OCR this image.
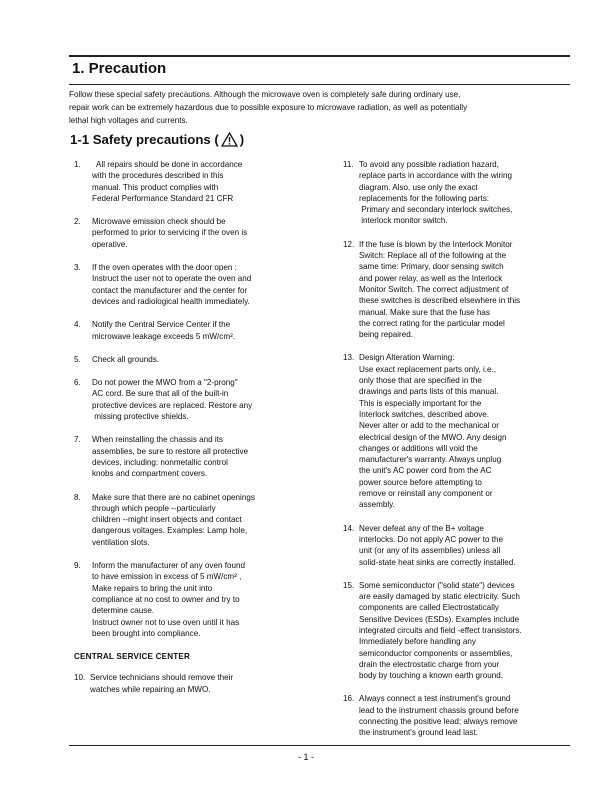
1. Precaution
Follow these special safety precautions. Although the microwave oven is completely safe during ordinary use,
repair work can be extremely hazardous due to possible exposure to microwave radiation, as well as potentially
lethal high voltages and currents.
1-1 Safety precautions ( )
1.	All repairs should be done in accordance
with the procedures described in this
manual. This product complies with
Federal Performance Standard 21 CFR
2.	Microwave emission check should be
performed to prior to servicing if the oven is
operative.
3.	If the oven operates with the door open :
Instruct the user not to operate the oven and
contact the manufacturer and the center for
devices and radiological health immediately.
4.	Notify the Central Service Center if the
microwave leakage exceeds 5 mW/cm².
5.	Check all grounds.
6.	Do not power the MWO from a "2-prong"
AC cord. Be sure that all of the built-in
protective devices are replaced. Restore any
missing protective shields.
7.	When reinstalling the chassis and its
assemblies, be sure to restore all protective
devices, including: nonmetallic control
knobs and compartment covers.
8.	Make sure that there are no cabinet openings
through which people --particularly
children --might insert objects and contact
dangerous voltages. Examples: Lamp hole,
ventilation slots.
9.	Inform the manufacturer of any oven found
to have emission in excess of 5 mW/cm² ,
Make repairs to bring the unit into
compliance at no cost to owner and try to
determine cause.
Instruct owner not to use oven until it has
been brought into compliance.
CENTRAL SERVICE CENTER
10. Service technicians should remove their
watches while repairing an MWO.
11. To avoid any possible radiation hazard,
replace parts in accordance with the wiring
diagram. Also, use only the exact
replacements for the following parts:
Primary and secondary interlock switches,
interlock monitor switch.
12. If the fuse is blown by the Interlock Monitor
Switch: Replace all of the following at the
same time: Primary, door sensing switch
and power relay, as well as the Interlock
Monitor Switch. The correct adjustment of
these switches is described elsewhere in this
manual. Make sure that the fuse has
the correct rating for the particular model
being repaired.
13. Design Alteration Warning:
Use exact replacement parts only, i.e.,
only those that are specified in the
drawings and parts lists of this manual.
This is especially important for the
Interlock switches, described above.
Never alter or add to the mechanical or
electrical design of the MWO. Any design
changes or additions will void the
manufacturer's warranty. Always unplug
the unit's AC power cord from the AC
power source before attempting to
remove or reinstall any component or
assembly.
14. Never defeat any of the B+ voltage
interlocks. Do not apply AC power to the
unit (or any of its assemblies) unless all
solid-state heat sinks are correctly installed.
15. Some semiconductor ("solid state") devices
are easily damaged by static electricity. Such
components are called Electrostatically
Sensitive Devices (ESDs). Examples include
integrated circuits and field -effect transistors.
Immediately before handling any
semiconductor components or assemblies,
drain the electrostatic charge from your
body by touching a known earth ground.
16. Always connect a test instrument's ground
lead to the instrument chassis ground before
connecting the positive lead; always remove
the instrument's ground lead last.
- 1 -
